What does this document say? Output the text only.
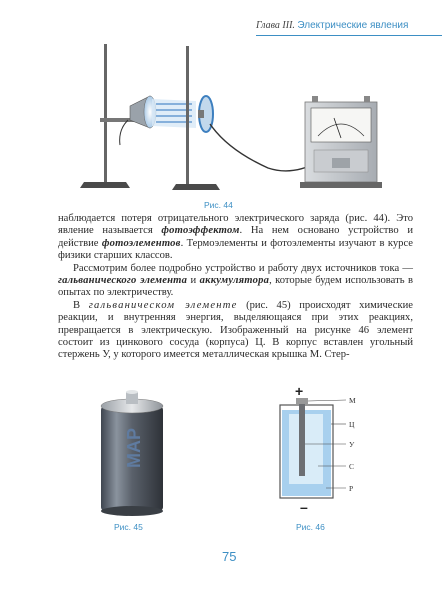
Глава III. Электрические явления
MAP
+
–
М
Ц
У
С
Р
Рис. 44
Рис. 45	Рис. 46

наблюдается потеря отрицательного электрического заряда (рис. 44). Это явление называется фотоэффектом. На нем основано устройство и действие фотоэлементов. Термоэлементы и фотоэлементы изучают в курсе физики старших классов.

Рассмотрим более подробно устройство и работу двух источников тока — гальванического элемента и аккумулятора, которые будем использовать в опытах по электричеству.

В гальваническом элементе (рис. 45) происходят химические реакции, и внутренняя энергия, выделяющаяся при этих реакциях, превращается в электрическую. Изображенный на рисунке 46 элемент состоит из цинкового сосуда (корпуса) Ц. В корпус вставлен угольный стержень У, у которого имеется металлическая крышка М. Стер-

75
